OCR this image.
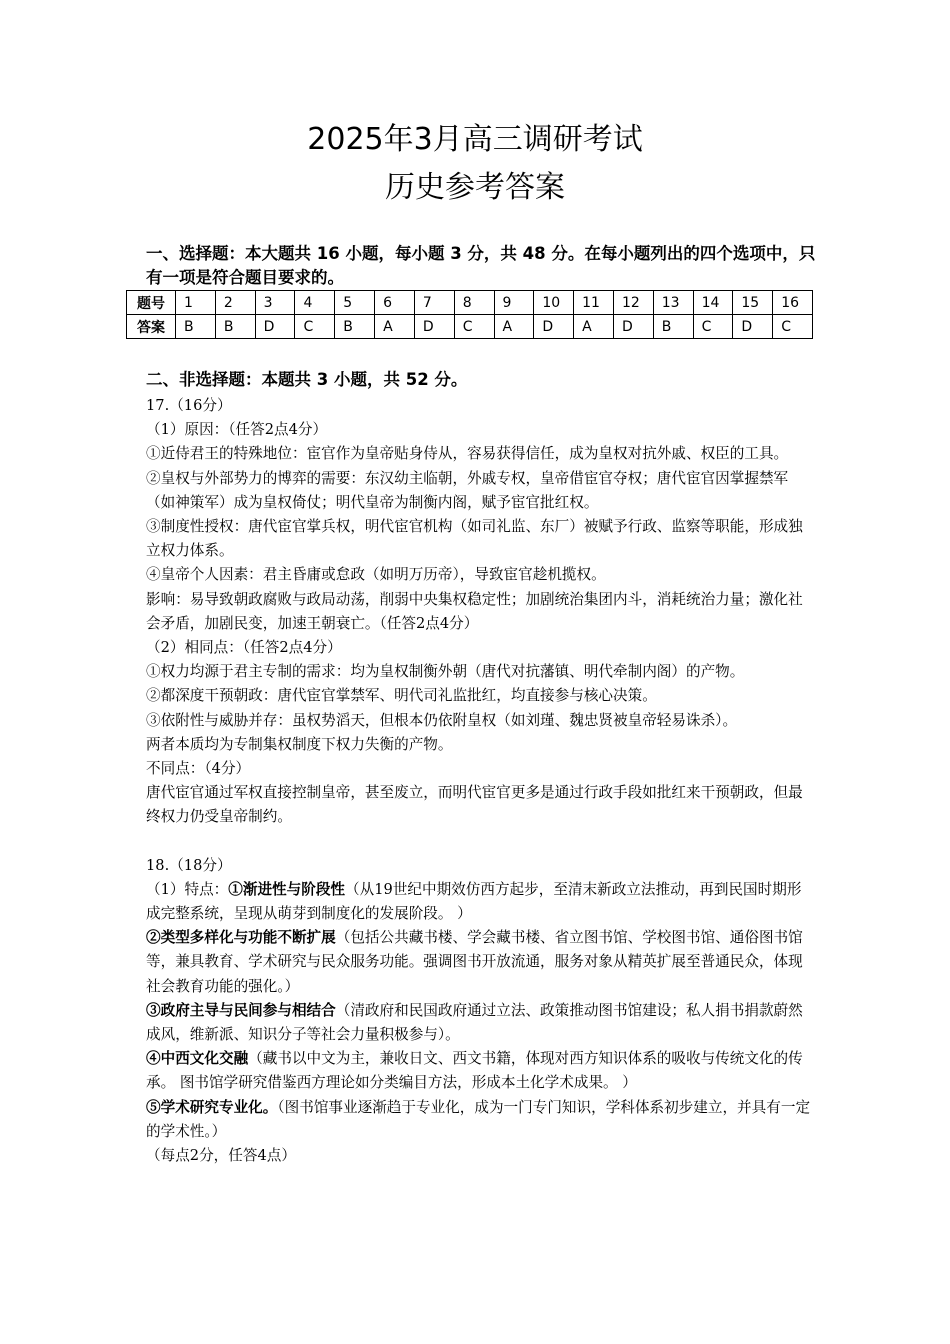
2025年3月高三调研考试
历史参考答案
一、选择题：本大题共 16 小题，每小题 3 分，共 48 分。在每小题列出的四个选项中，只有一项是符合题目要求的。
题号	1	2	3	4	5	6	7	8	9	10	11	12	13	14	15	16
答案	B	B	D	C	B	A	D	C	A	D	A	D	B	C	D	C
二、非选择题：本题共 3 小题，共 52 分。

17.（16分）

（1）原因：（任答2点4分）

①近侍君王的特殊地位：宦官作为皇帝贴身侍从，容易获得信任，成为皇权对抗外戚、权臣的工具。

②皇权与外部势力的博弈的需要：东汉幼主临朝，外戚专权，皇帝借宦官夺权；唐代宦官因掌握禁军（如神策军）成为皇权倚仗；明代皇帝为制衡内阁，赋予宦官批红权。

③制度性授权：唐代宦官掌兵权，明代宦官机构（如司礼监、东厂）被赋予行政、监察等职能，形成独立权力体系。

④皇帝个人因素：君主昏庸或怠政（如明万历帝），导致宦官趁机揽权。

影响：易导致朝政腐败与政局动荡，削弱中央集权稳定性；加剧统治集团内斗，消耗统治力量；激化社会矛盾，加剧民变，加速王朝衰亡。（任答2点4分）

（2）相同点：（任答2点4分）

①权力均源于君主专制的需求：均为皇权制衡外朝（唐代对抗藩镇、明代牵制内阁）的产物。

②都深度干预朝政：唐代宦官掌禁军、明代司礼监批红，均直接参与核心决策。

③依附性与威胁并存：虽权势滔天，但根本仍依附皇权（如刘瑾、魏忠贤被皇帝轻易诛杀）。

两者本质均为专制集权制度下权力失衡的产物。

不同点：（4分）

唐代宦官通过军权直接控制皇帝，甚至废立，而明代宦官更多是通过行政手段如批红来干预朝政，但最终权力仍受皇帝制约。

18.（18分）

（1）特点：①渐进性与阶段性（从19世纪中期效仿西方起步，至清末新政立法推动，再到民国时期形成完整系统，呈现从萌芽到制度化的发展阶段。 ）

②类型多样化与功能不断扩展（包括公共藏书楼、学会藏书楼、省立图书馆、学校图书馆、通俗图书馆等，兼具教育、学术研究与民众服务功能。强调图书开放流通，服务对象从精英扩展至普通民众，体现社会教育功能的强化。）

③政府主导与民间参与相结合（清政府和民国政府通过立法、政策推动图书馆建设；私人捐书捐款蔚然成风，维新派、知识分子等社会力量积极参与）。

④中西文化交融（藏书以中文为主，兼收日文、西文书籍，体现对西方知识体系的吸收与传统文化的传承。 图书馆学研究借鉴西方理论如分类编目方法，形成本土化学术成果。 ）

⑤学术研究专业化。（图书馆事业逐渐趋于专业化，成为一门专门知识，学科体系初步建立，并具有一定的学术性。）

（每点2分，任答4点）
